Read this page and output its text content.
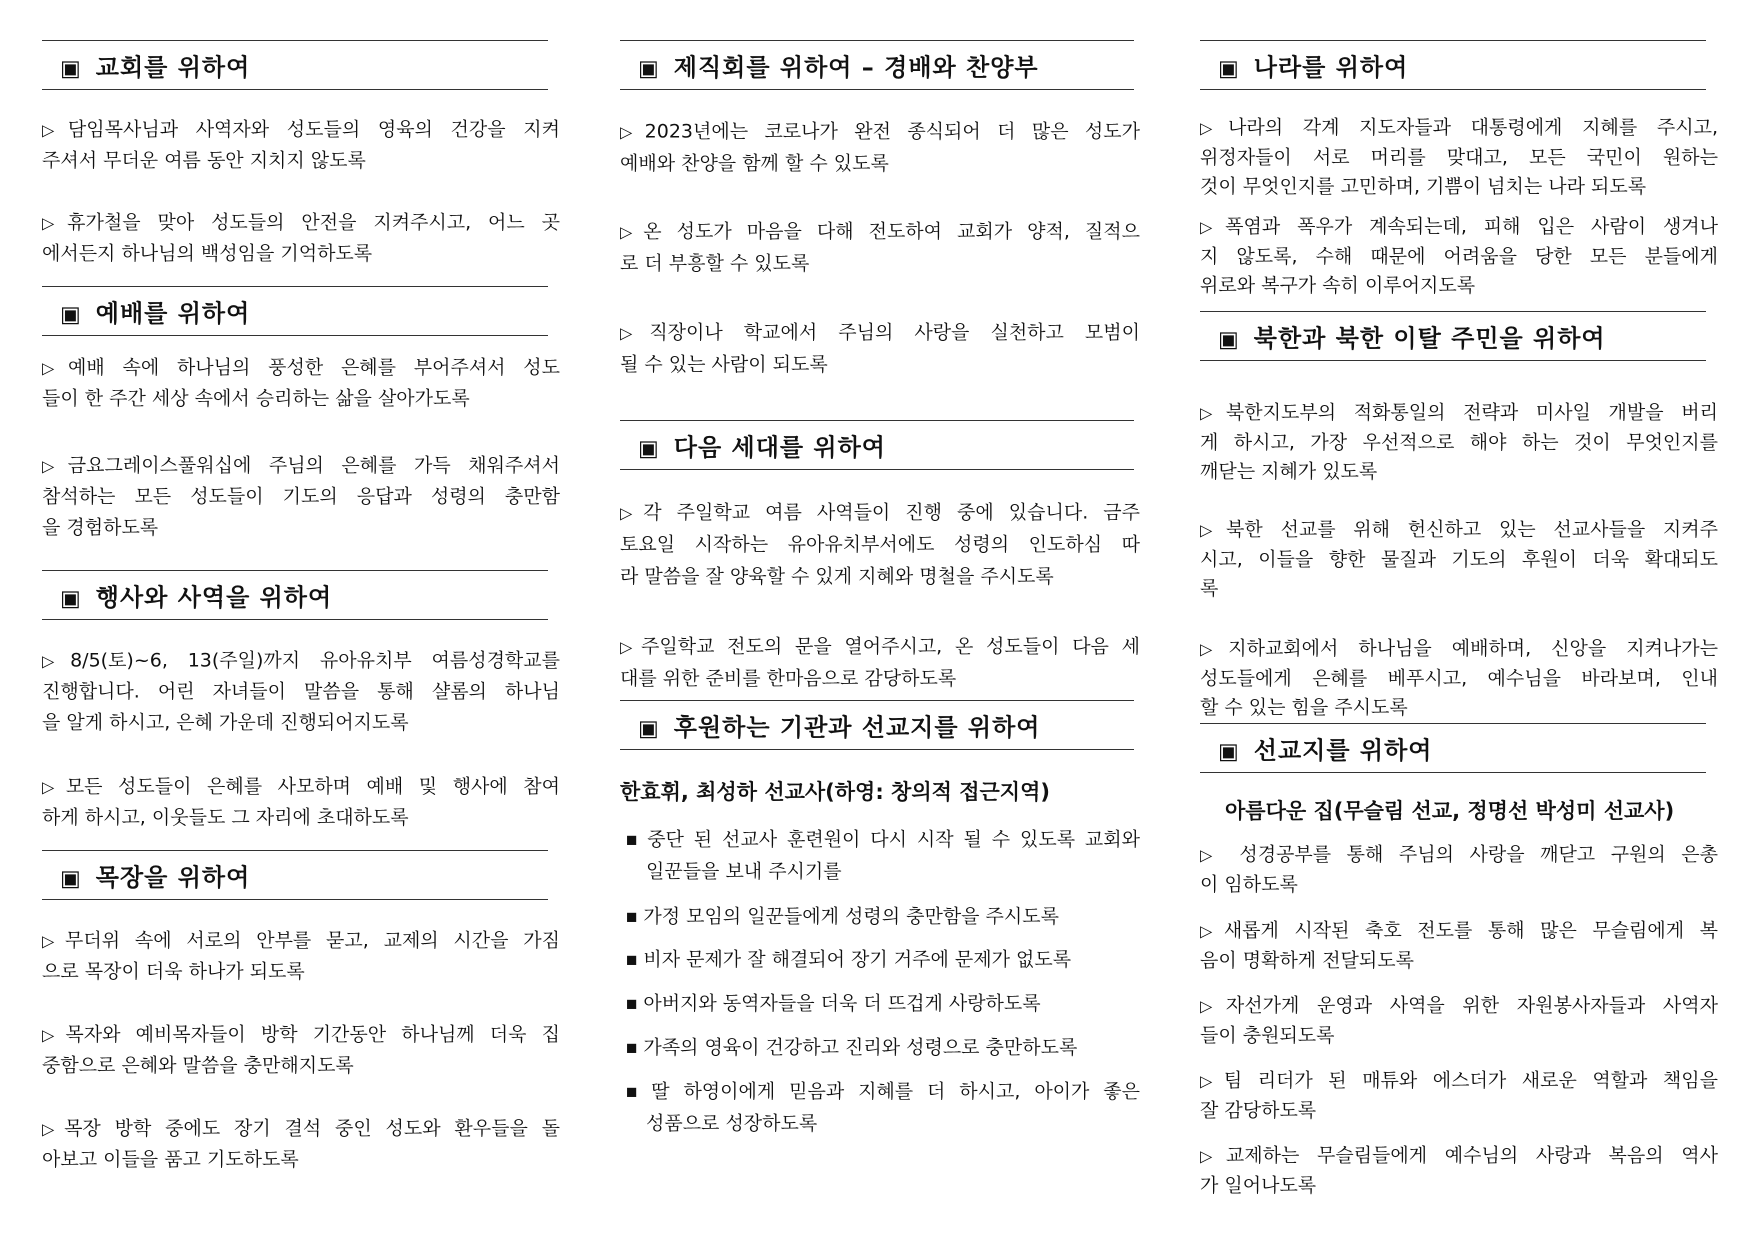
▣ 교회를 위하여
▷ 담임목사님과 사역자와 성도들의 영육의 건강을 지켜
주셔서 무더운 여름 동안 지치지 않도록
▷ 휴가철을 맞아 성도들의 안전을 지켜주시고, 어느 곳
에서든지 하나님의 백성임을 기억하도록
▣ 예배를 위하여
▷ 예배 속에 하나님의 풍성한 은혜를 부어주셔서 성도
들이 한 주간 세상 속에서 승리하는 삶을 살아가도록
▷ 금요그레이스풀워십에 주님의 은혜를 가득 채워주셔서
참석하는 모든 성도들이 기도의 응답과 성령의 충만함
을 경험하도록
▣ 행사와 사역을 위하여
▷ 8/5(토)~6, 13(주일)까지 유아유치부 여름성경학교를
진행합니다. 어린 자녀들이 말씀을 통해 샬롬의 하나님
을 알게 하시고, 은혜 가운데 진행되어지도록
▷ 모든 성도들이 은혜를 사모하며 예배 및 행사에 참여
하게 하시고, 이웃들도 그 자리에 초대하도록
▣ 목장을 위하여
▷ 무더위 속에 서로의 안부를 묻고, 교제의 시간을 가짐
으로 목장이 더욱 하나가 되도록
▷ 목자와 예비목자들이 방학 기간동안 하나님께 더욱 집
중함으로 은혜와 말씀을 충만해지도록
▷ 목장 방학 중에도 장기 결석 중인 성도와 환우들을 돌
아보고 이들을 품고 기도하도록
▣ 제직회를 위하여 – 경배와 찬양부
▷ 2023년에는 코로나가 완전 종식되어 더 많은 성도가
예배와 찬양을 함께 할 수 있도록
▷ 온 성도가 마음을 다해 전도하여 교회가 양적, 질적으
로 더 부흥할 수 있도록
▷ 직장이나 학교에서 주님의 사랑을 실천하고 모범이
될 수 있는 사람이 되도록
▣ 다음 세대를 위하여
▷ 각 주일학교 여름 사역들이 진행 중에 있습니다. 금주
토요일 시작하는 유아유치부서에도 성령의 인도하심 따
라 말씀을 잘 양육할 수 있게 지혜와 명철을 주시도록
▷ 주일학교 전도의 문을 열어주시고, 온 성도들이 다음 세
대를 위한 준비를 한마음으로 감당하도록
▣ 후원하는 기관과 선교지를 위하여
한효휘, 최성하 선교사(하영: 창의적 접근지역)
■ 중단 된 선교사 훈련원이 다시 시작 될 수 있도록 교회와
일꾼들을 보내 주시기를
■ 가정 모임의 일꾼들에게 성령의 충만함을 주시도록
■ 비자 문제가 잘 해결되어 장기 거주에 문제가 없도록
■ 아버지와 동역자들을 더욱 더 뜨겁게 사랑하도록
■ 가족의 영육이 건강하고 진리와 성령으로 충만하도록
■ 딸 하영이에게 믿음과 지혜를 더 하시고, 아이가 좋은
성품으로 성장하도록
▣ 나라를 위하여
▷ 나라의 각계 지도자들과 대통령에게 지혜를 주시고,
위정자들이 서로 머리를 맞대고, 모든 국민이 원하는
것이 무엇인지를 고민하며, 기쁨이 넘치는 나라 되도록
▷ 폭염과 폭우가 계속되는데, 피해 입은 사람이 생겨나
지 않도록, 수해 때문에 어려움을 당한 모든 분들에게
위로와 복구가 속히 이루어지도록
▣ 북한과 북한 이탈 주민을 위하여
▷ 북한지도부의 적화통일의 전략과 미사일 개발을 버리
게 하시고, 가장 우선적으로 해야 하는 것이 무엇인지를
깨닫는 지혜가 있도록
▷ 북한 선교를 위해 헌신하고 있는 선교사들을 지켜주
시고, 이들을 향한 물질과 기도의 후원이 더욱 확대되도
록
▷ 지하교회에서 하나님을 예배하며, 신앙을 지켜나가는
성도들에게 은혜를 베푸시고, 예수님을 바라보며, 인내
할 수 있는 힘을 주시도록
▣ 선교지를 위하여
아름다운 집(무슬림 선교, 정명선 박성미 선교사)
▷ 성경공부를 통해 주님의 사랑을 깨닫고 구원의 은총
이 임하도록
▷ 새롭게 시작된 축호 전도를 통해 많은 무슬림에게 복
음이 명확하게 전달되도록
▷ 자선가게 운영과 사역을 위한 자원봉사자들과 사역자
들이 충원되도록
▷ 팀 리더가 된 매튜와 에스더가 새로운 역할과 책임을
잘 감당하도록
▷ 교제하는 무슬림들에게 예수님의 사랑과 복음의 역사
가 일어나도록
